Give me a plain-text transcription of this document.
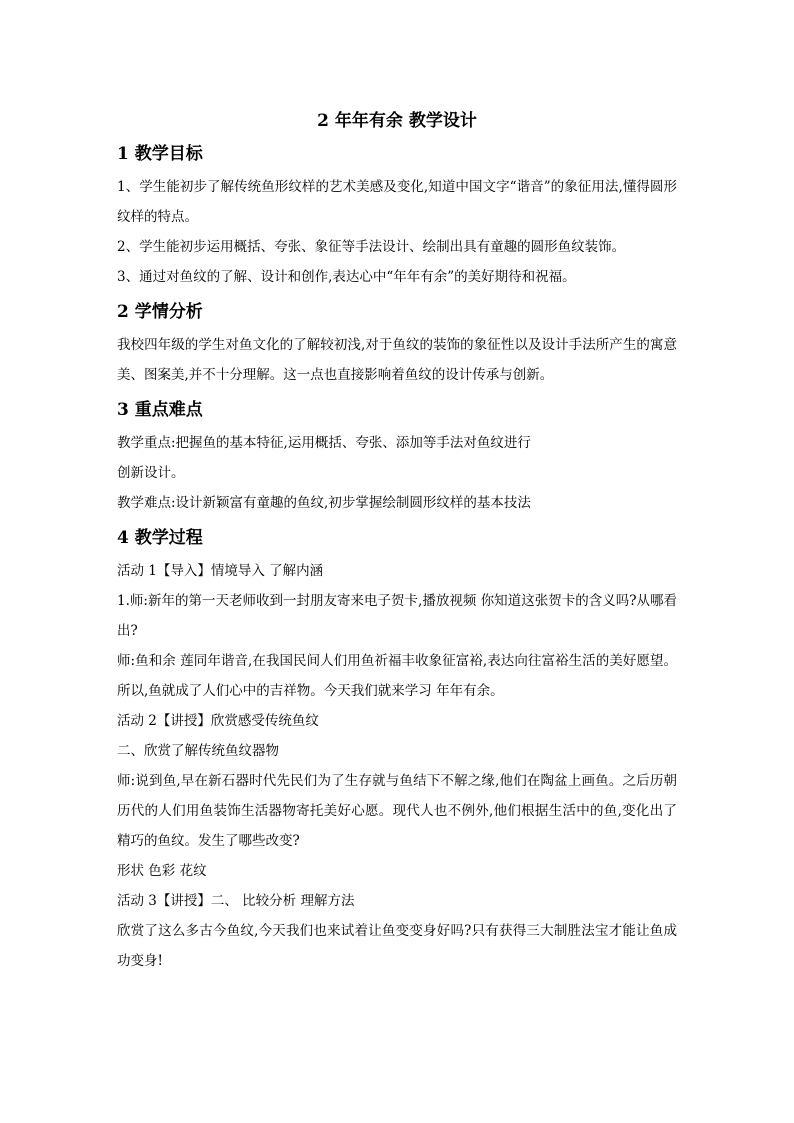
2 年年有余 教学设计
1 教学目标

1、学生能初步了解传统鱼形纹样的艺术美感及变化,知道中国文字“谐音”的象征用法,懂得圆形纹样的特点。

2、学生能初步运用概括、夸张、象征等手法设计、绘制出具有童趣的圆形鱼纹装饰。

3、通过对鱼纹的了解、设计和创作,表达心中“年年有余”的美好期待和祝福。

2 学情分析

我校四年级的学生对鱼文化的了解较初浅,对于鱼纹的装饰的象征性以及设计手法所产生的寓意美、图案美,并不十分理解。这一点也直接影响着鱼纹的设计传承与创新。

3 重点难点

教学重点:把握鱼的基本特征,运用概括、夸张、添加等手法对鱼纹进行

创新设计。

教学难点:设计新颖富有童趣的鱼纹,初步掌握绘制圆形纹样的基本技法

4 教学过程

活动 1【导入】情境导入 了解内涵

1.师:新年的第一天老师收到一封朋友寄来电子贺卡,播放视频 你知道这张贺卡的含义吗?从哪看出?

师:鱼和余 莲同年谐音,在我国民间人们用鱼祈福丰收象征富裕,表达向往富裕生活的美好愿望。所以,鱼就成了人们心中的吉祥物。今天我们就来学习 年年有余。

活动 2【讲授】欣赏感受传统鱼纹

二、欣赏了解传统鱼纹器物

师:说到鱼,早在新石器时代先民们为了生存就与鱼结下不解之缘,他们在陶盆上画鱼。之后历朝历代的人们用鱼装饰生活器物寄托美好心愿。现代人也不例外,他们根据生活中的鱼,变化出了精巧的鱼纹。发生了哪些改变?

形状 色彩 花纹

活动 3【讲授】二、 比较分析 理解方法

欣赏了这么多古今鱼纹,今天我们也来试着让鱼变变身好吗?只有获得三大制胜法宝才能让鱼成功变身!
